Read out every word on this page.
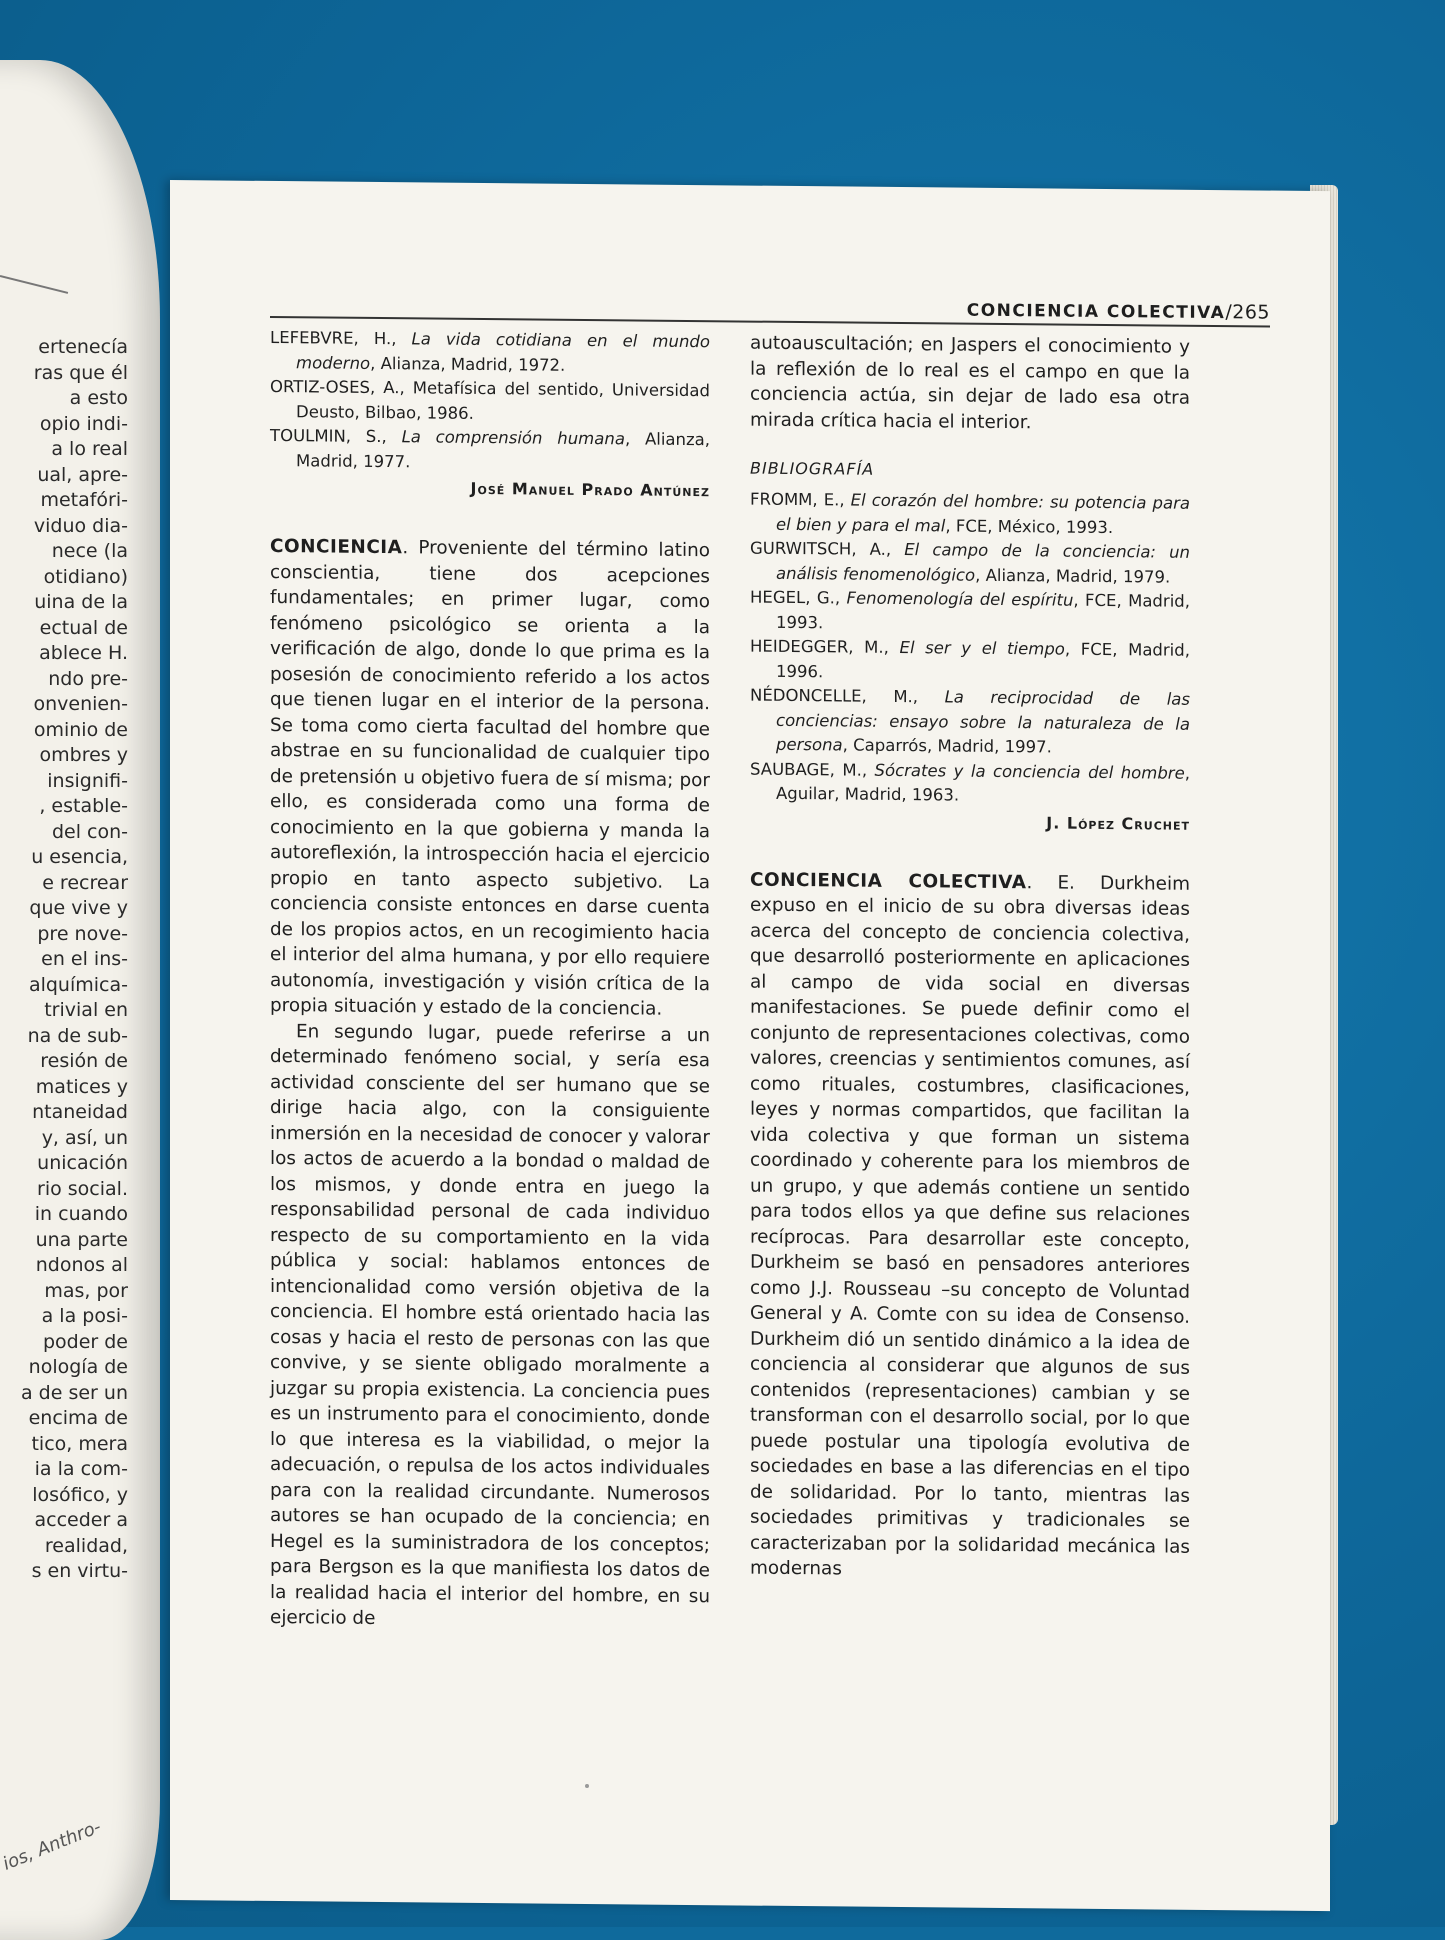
ertenecía
ras que él
a esto
opio indi-
a lo real
ual, apre-
metafóri-
viduo dia-
nece (la
otidiano)
uina de la
ectual de
ablece H.
ndo pre-
onvenien-
ominio de
ombres y
insignifi-
, estable-
del con-
u esencia,
e recrear
que vive y
pre nove-
en el ins-
alquímica-
trivial en
na de sub-
resión de
matices y
ntaneidad
y, así, un
unicación
rio social.
in cuando
una parte
ndonos al
mas, por
a la posi-
poder de
nología de
a de ser un
encima de
tico, mera
ia la com-
losófico, y
acceder a
realidad,
s en virtu-
ios, Anthro-
CONCIENCIA COLECTIVA/265
LEFEBVRE, H., La vida cotidiana en el mundo moderno, Alianza, Madrid, 1972.
ORTIZ-OSES, A., Metafísica del sentido, Universidad Deusto, Bilbao, 1986.
TOULMIN, S., La comprensión humana, Alianza, Madrid, 1977.
José Manuel Prado Antúnez

CONCIENCIA. Proveniente del término latino conscientia, tiene dos acepciones fundamentales; en primer lugar, como fenómeno psicológico se orienta a la verificación de algo, donde lo que prima es la posesión de conocimiento referido a los actos que tienen lugar en el interior de la persona. Se toma como cierta facultad del hombre que abstrae en su funcionalidad de cualquier tipo de pretensión u objetivo fuera de sí misma; por ello, es considerada como una forma de conocimiento en la que gobierna y manda la autoreflexión, la introspección hacia el ejercicio propio en tanto aspecto subjetivo. La conciencia consiste entonces en darse cuenta de los propios actos, en un recogimiento hacia el interior del alma humana, y por ello requiere autonomía, investigación y visión crítica de la propia situación y estado de la conciencia.

En segundo lugar, puede referirse a un determinado fenómeno social, y sería esa actividad consciente del ser humano que se dirige hacia algo, con la consiguiente inmersión en la necesidad de conocer y valorar los actos de acuerdo a la bondad o maldad de los mismos, y donde entra en juego la responsabilidad personal de cada individuo respecto de su comportamiento en la vida pública y social: hablamos entonces de intencionalidad como versión objetiva de la conciencia. El hombre está orientado hacia las cosas y hacia el resto de personas con las que convive, y se siente obligado moralmente a juzgar su propia existencia. La conciencia pues es un instrumento para el conocimiento, donde lo que interesa es la viabilidad, o mejor la adecuación, o repulsa de los actos individuales para con la realidad circundante. Numerosos autores se han ocupado de la conciencia; en Hegel es la suministradora de los conceptos; para Bergson es la que manifiesta los datos de la realidad hacia el interior del hombre, en su ejercicio de

autoauscultación; en Jaspers el conocimiento y la reflexión de lo real es el campo en que la conciencia actúa, sin dejar de lado esa otra mirada crítica hacia el interior.
BIBLIOGRAFÍA
FROMM, E., El corazón del hombre: su potencia para el bien y para el mal, FCE, México, 1993.
GURWITSCH, A., El campo de la conciencia: un análisis fenomenológico, Alianza, Madrid, 1979.
HEGEL, G., Fenomenología del espíritu, FCE, Madrid, 1993.
HEIDEGGER, M., El ser y el tiempo, FCE, Madrid, 1996.
NÉDONCELLE, M., La reciprocidad de las conciencias: ensayo sobre la naturaleza de la persona, Caparrós, Madrid, 1997.
SAUBAGE, M., Sócrates y la conciencia del hombre, Aguilar, Madrid, 1963.
J. López Cruchet

CONCIENCIA COLECTIVA. E. Durkheim expuso en el inicio de su obra diversas ideas acerca del concepto de conciencia colectiva, que desarrolló posteriormente en aplicaciones al campo de vida social en diversas manifestaciones. Se puede definir como el conjunto de representaciones colectivas, como valores, creencias y sentimientos comunes, así como rituales, costumbres, clasificaciones, leyes y normas compartidos, que facilitan la vida colectiva y que forman un sistema coordinado y coherente para los miembros de un grupo, y que además contiene un sentido para todos ellos ya que define sus relaciones recíprocas. Para desarrollar este concepto, Durkheim se basó en pensadores anteriores como J.J. Rousseau –su concepto de Voluntad General y A. Comte con su idea de Consenso. Durkheim dió un sentido dinámico a la idea de conciencia al considerar que algunos de sus contenidos (representaciones) cambian y se transforman con el desarrollo social, por lo que puede postular una tipología evolutiva de sociedades en base a las diferencias en el tipo de solidaridad. Por lo tanto, mientras las sociedades primitivas y tradicionales se caracterizaban por la solidaridad mecánica las modernas
